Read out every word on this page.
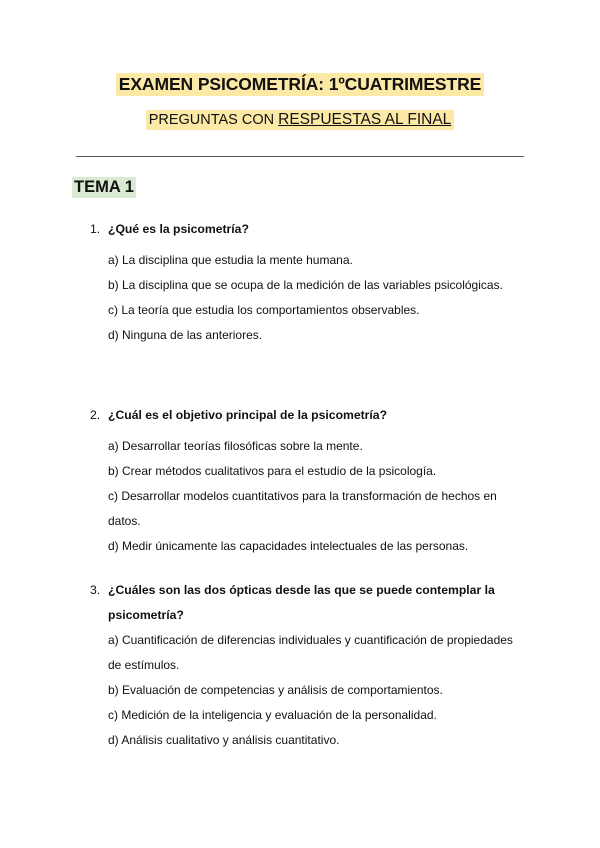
EXAMEN PSICOMETRÍA: 1ºCUATRIMESTRE
PREGUNTAS CON RESPUESTAS AL FINAL
TEMA 1
1. ¿Qué es la psicometría?
a) La disciplina que estudia la mente humana.
b) La disciplina que se ocupa de la medición de las variables psicológicas.
c) La teoría que estudia los comportamientos observables.
d) Ninguna de las anteriores.
2. ¿Cuál es el objetivo principal de la psicometría?
a) Desarrollar teorías filosóficas sobre la mente.
b) Crear métodos cualitativos para el estudio de la psicología.
c) Desarrollar modelos cuantitativos para la transformación de hechos en
datos.
d) Medir únicamente las capacidades intelectuales de las personas.
3. ¿Cuáles son las dos ópticas desde las que se puede contemplar la
psicometría?
a) Cuantificación de diferencias individuales y cuantificación de propiedades
de estímulos.
b) Evaluación de competencias y análisis de comportamientos.
c) Medición de la inteligencia y evaluación de la personalidad.
d) Análisis cualitativo y análisis cuantitativo.
